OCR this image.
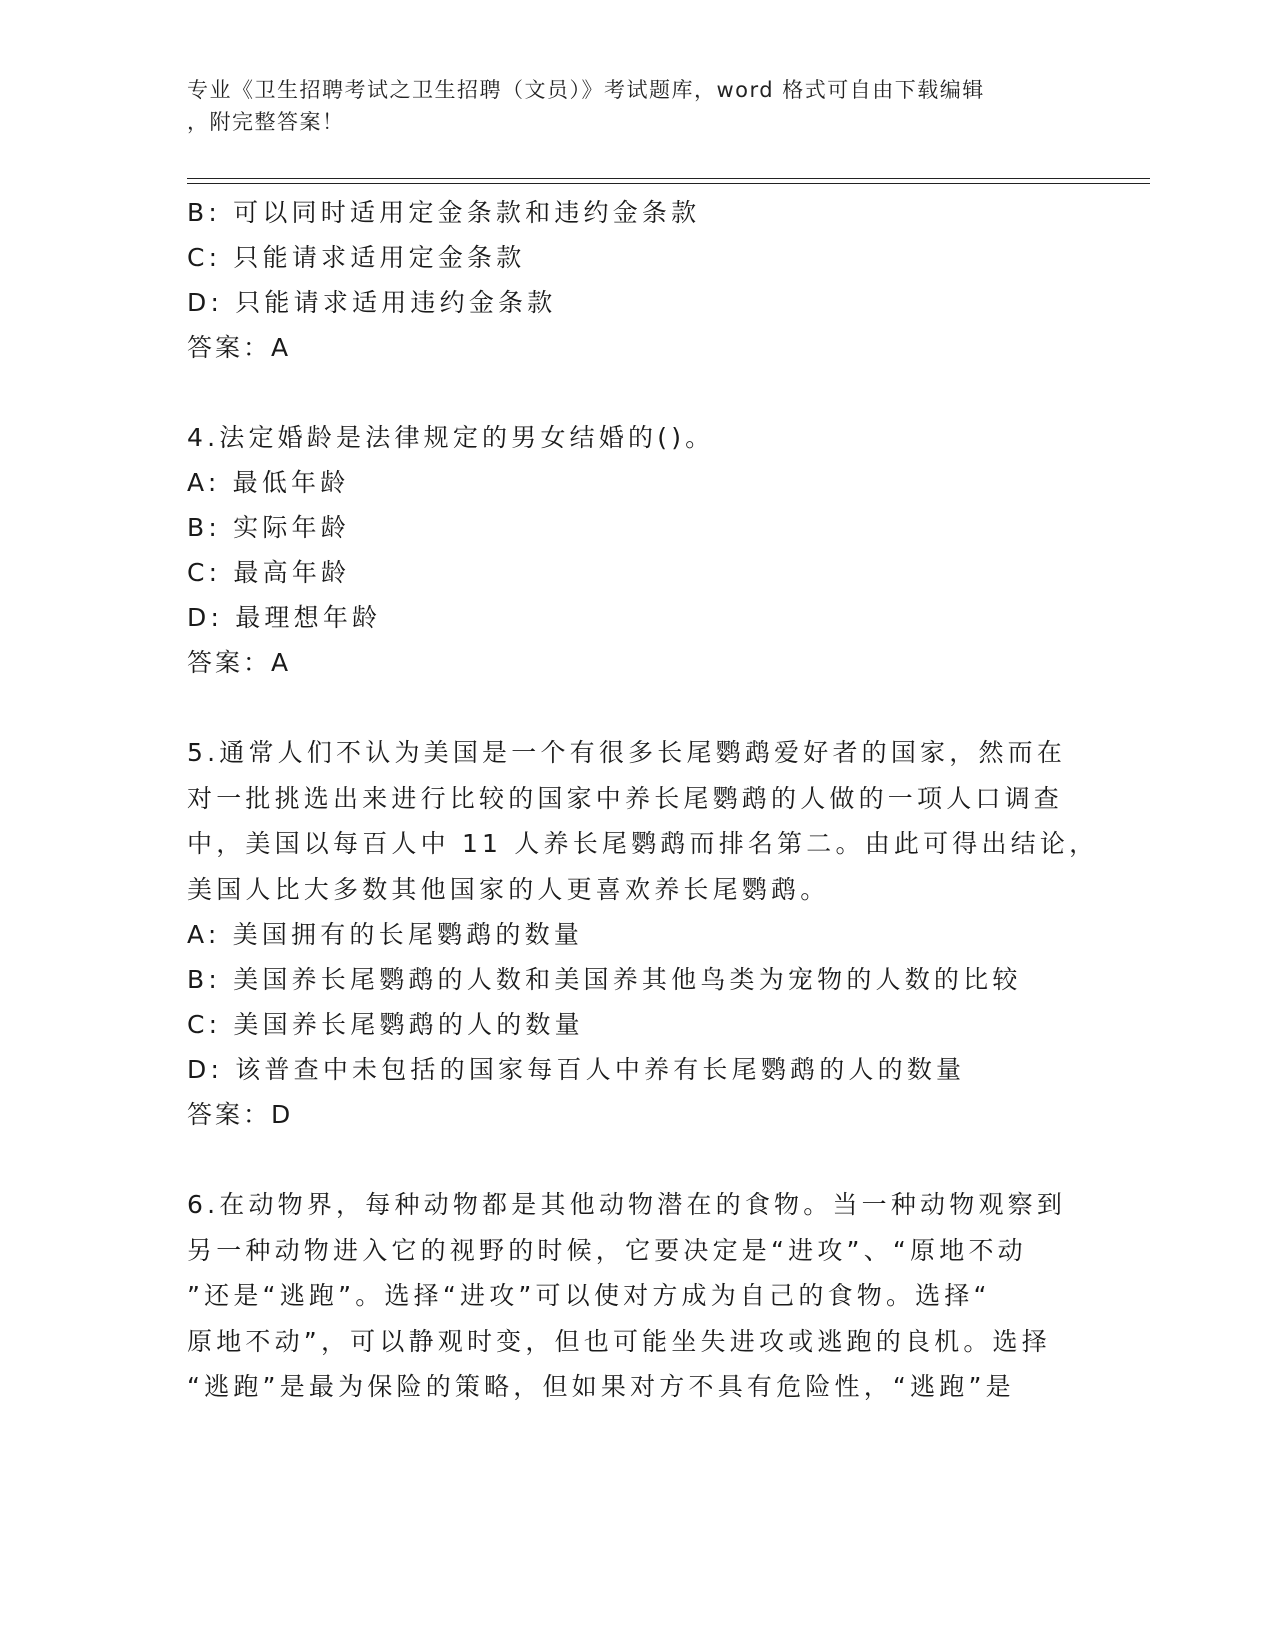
专业《卫生招聘考试之卫生招聘（文员）》考试题库，word 格式可自由下载编辑
，附完整答案！
B: 可以同时适用定金条款和违约金条款
C: 只能请求适用定金条款
D: 只能请求适用违约金条款
答案：A
4.法定婚龄是法律规定的男女结婚的()。
A: 最低年龄
B: 实际年龄
C: 最高年龄
D: 最理想年龄
答案：A
5.通常人们不认为美国是一个有很多长尾鹦鹉爱好者的国家，然而在
对一批挑选出来进行比较的国家中养长尾鹦鹉的人做的一项人口调查
中，美国以每百人中 11 人养长尾鹦鹉而排名第二。由此可得出结论，
美国人比大多数其他国家的人更喜欢养长尾鹦鹉。
A: 美国拥有的长尾鹦鹉的数量
B: 美国养长尾鹦鹉的人数和美国养其他鸟类为宠物的人数的比较
C: 美国养长尾鹦鹉的人的数量
D: 该普查中未包括的国家每百人中养有长尾鹦鹉的人的数量
答案：D
6.在动物界，每种动物都是其他动物潜在的食物。当一种动物观察到
另一种动物进入它的视野的时候，它要决定是“进攻”、“原地不动
”还是“逃跑”。选择“进攻”可以使对方成为自己的食物。选择“
原地不动”，可以静观时变，但也可能坐失进攻或逃跑的良机。选择
“逃跑”是最为保险的策略，但如果对方不具有危险性，“逃跑”是
